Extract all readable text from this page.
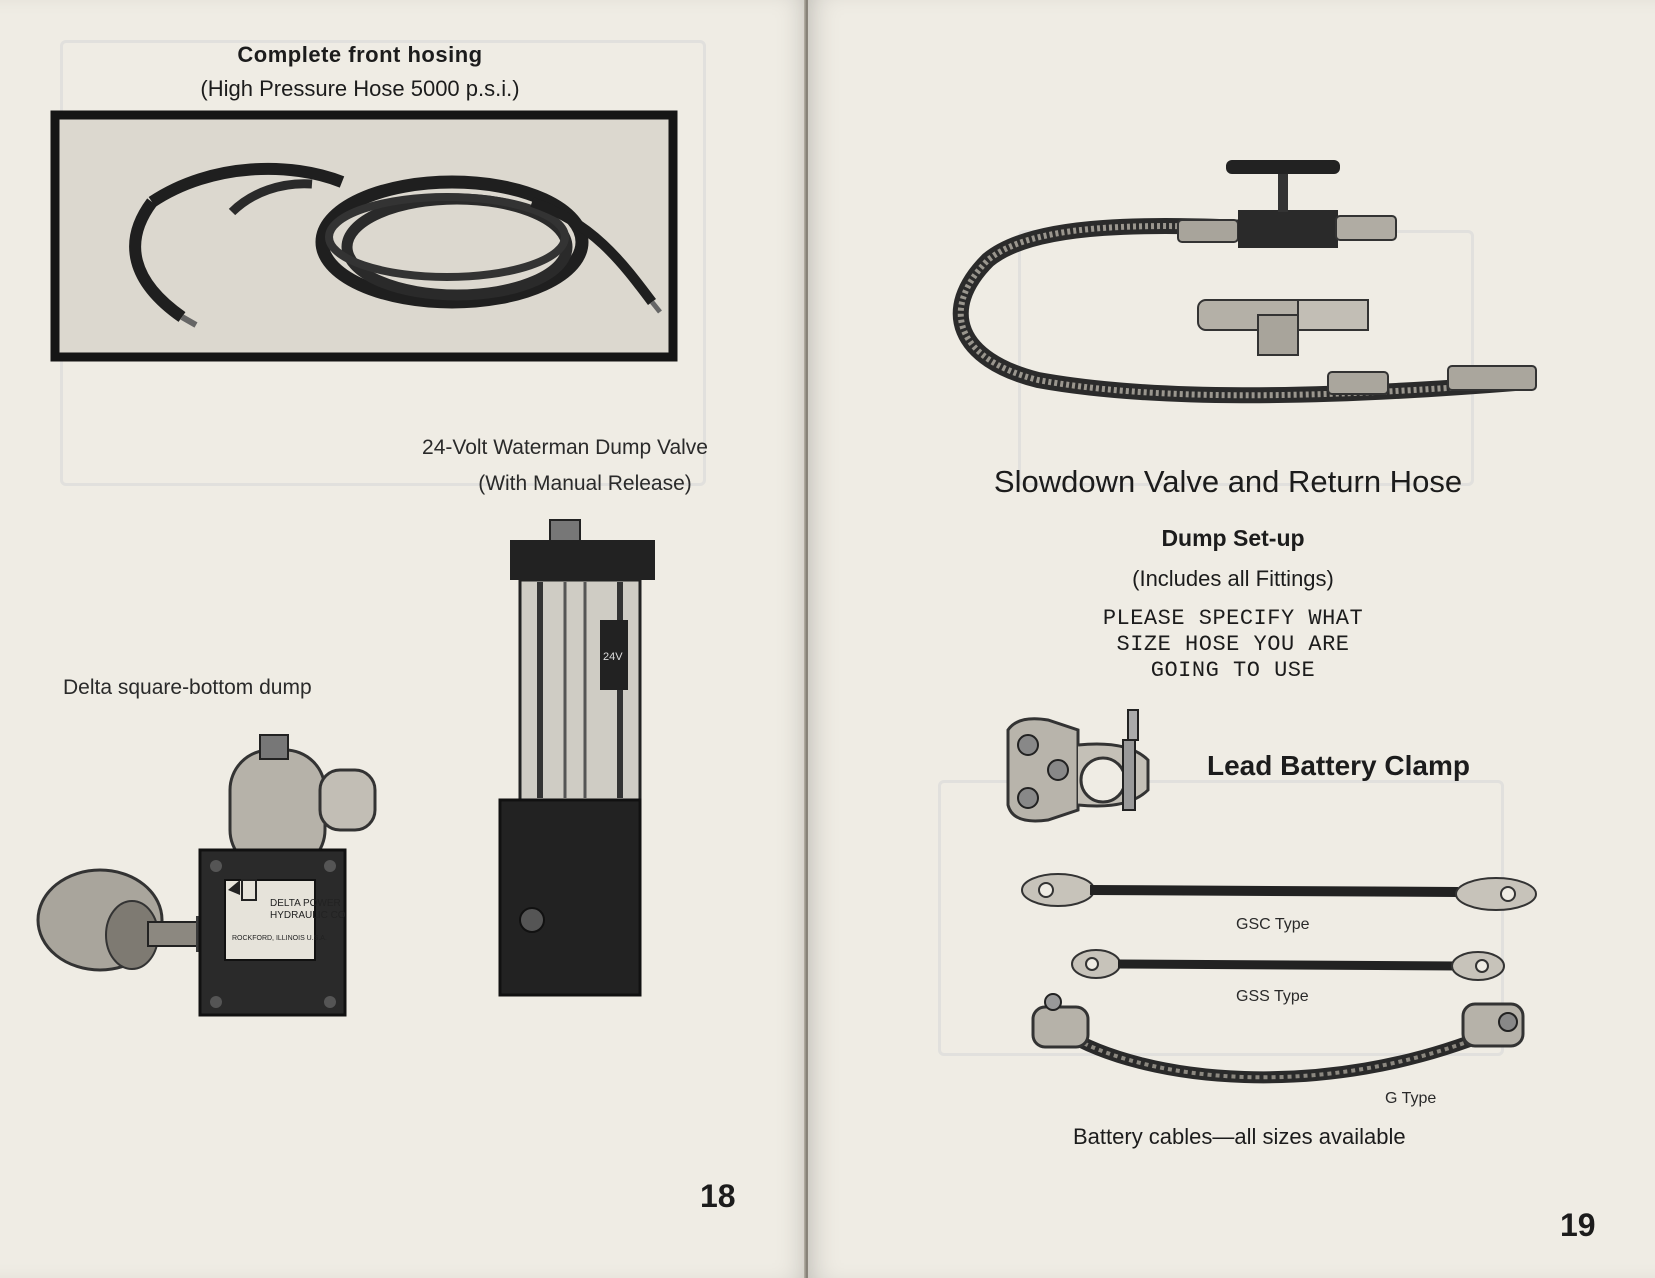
Complete front hosing
(High Pressure Hose 5000 p.s.i.)
24-Volt Waterman Dump Valve
(With Manual Release)
Delta square-bottom dump
DELTA POWER
HYDRAULIC CO
ROCKFORD, ILLINOIS U.S.A.
24V
18
Slowdown Valve and Return Hose
Dump Set-up
(Includes all Fittings)
PLEASE SPECIFY WHAT
SIZE HOSE YOU ARE
GOING TO USE
Lead Battery Clamp
GSC Type
GSS Type
G Type
Battery cables—all sizes available
19
